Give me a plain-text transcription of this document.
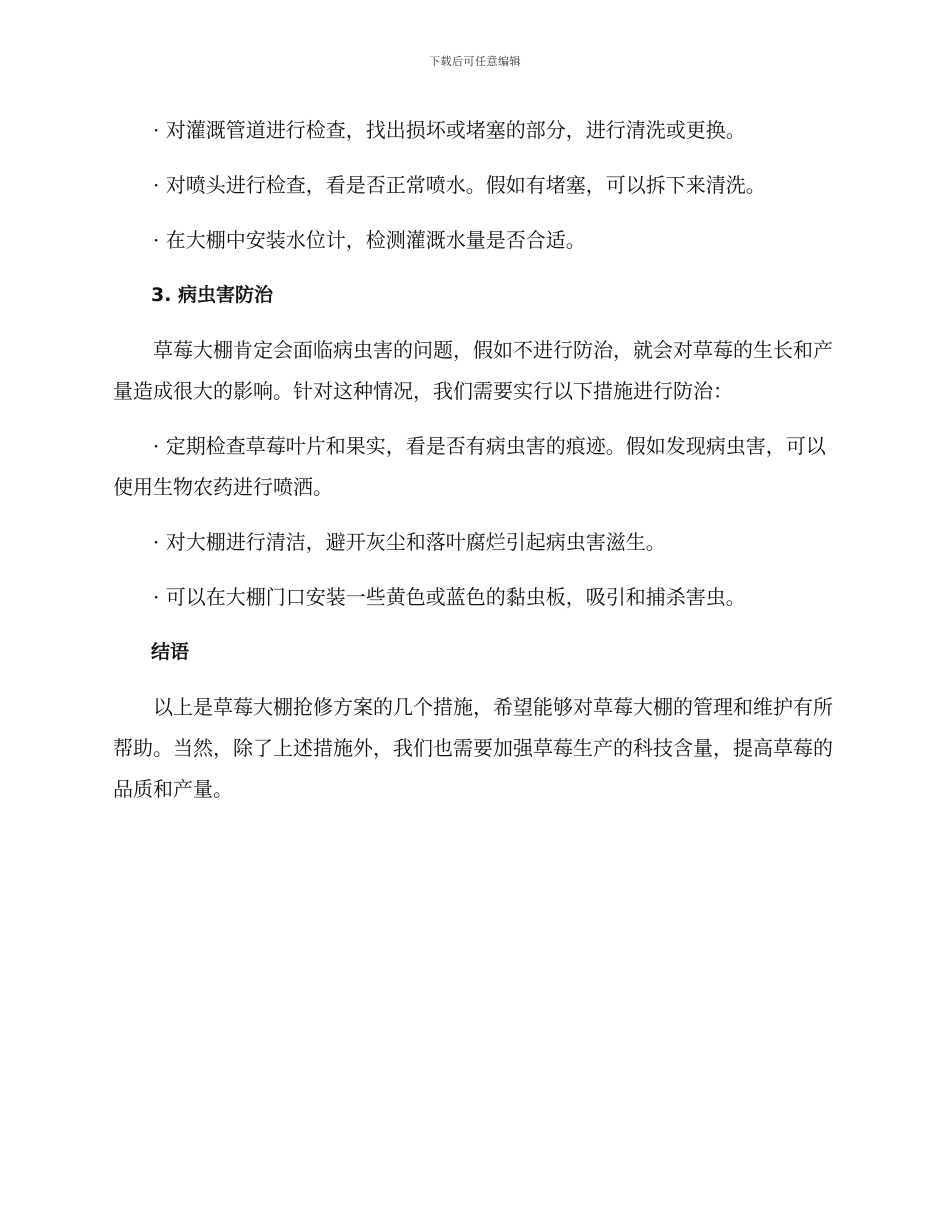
下载后可任意编辑

· 对灌溉管道进行检查，找出损坏或堵塞的部分，进行清洗或更换。

· 对喷头进行检查，看是否正常喷水。假如有堵塞，可以拆下来清洗。

· 在大棚中安装水位计，检测灌溉水量是否合适。

3. 病虫害防治

草莓大棚肯定会面临病虫害的问题，假如不进行防治，就会对草莓的生长和产量造成很大的影响。针对这种情况，我们需要实行以下措施进行防治：

· 定期检查草莓叶片和果实，看是否有病虫害的痕迹。假如发现病虫害，可以使用生物农药进行喷洒。

· 对大棚进行清洁，避开灰尘和落叶腐烂引起病虫害滋生。

· 可以在大棚门口安装一些黄色或蓝色的黏虫板，吸引和捕杀害虫。

结语

以上是草莓大棚抢修方案的几个措施，希望能够对草莓大棚的管理和维护有所帮助。当然，除了上述措施外，我们也需要加强草莓生产的科技含量，提高草莓的品质和产量。
